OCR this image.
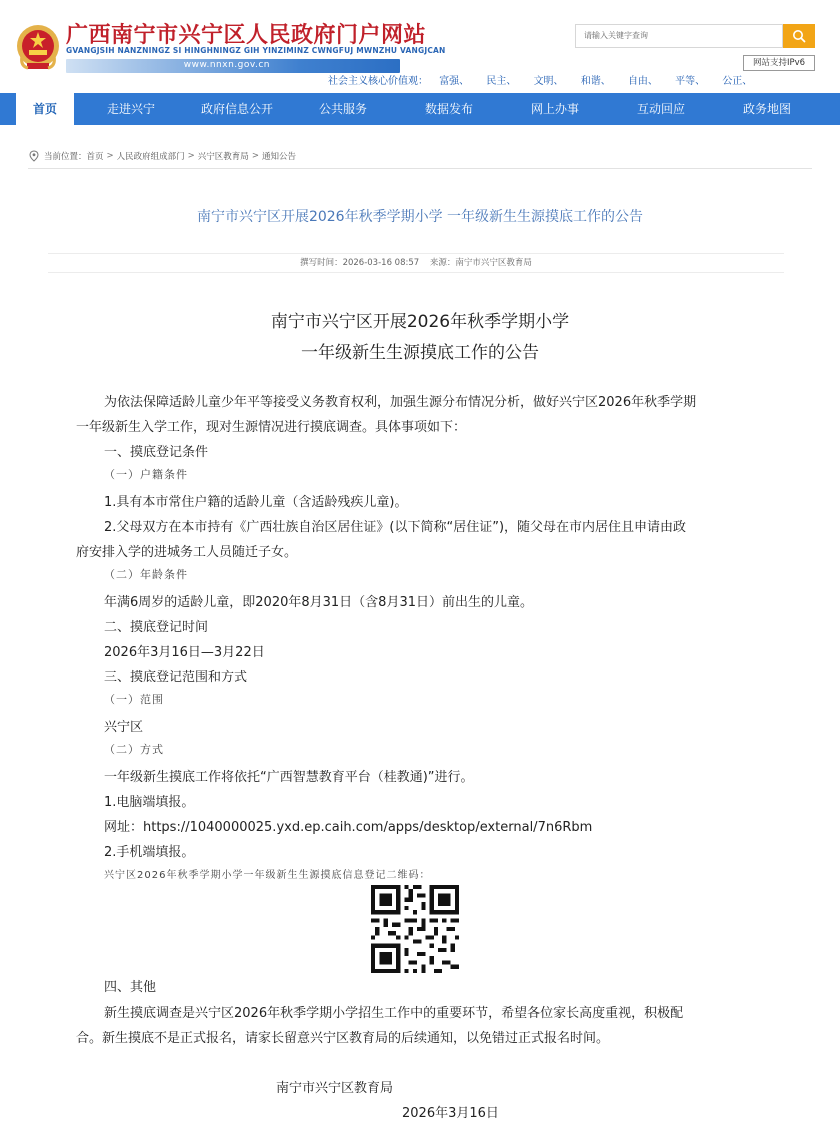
广西南宁市兴宁区人民政府门户网站
GVANGJSIH NANZNINGZ SI HINGHNINGZ GIH YINZIMINZ CWNGFUJ MWNZHU VANGJCAN
www.nnxn.gov.cn
请输入关键字查询
网站支持IPv6
社会主义核心价值观： 富强、 民主、 文明、 和谐、 自由、 平等、 公正、
首页	走进兴宁	政府信息公开	公共服务	数据发布	网上办事	互动回应	政务地图
当前位置： 首页 > 人民政府组成部门 > 兴宁区教育局 > 通知公告
南宁市兴宁区开展2026年秋季学期小学 一年级新生生源摸底工作的公告
撰写时间：2026-03-16 08:57 来源：南宁市兴宁区教育局
南宁市兴宁区开展2026年秋季学期小学
一年级新生生源摸底工作的公告
为依法保障适龄儿童少年平等接受义务教育权利，加强生源分布情况分析，做好兴宁区2026年秋季学期
一年级新生入学工作，现对生源情况进行摸底调查。具体事项如下：
一、摸底登记条件
（一）户籍条件
1.具有本市常住户籍的适龄儿童（含适龄残疾儿童)。
2.父母双方在本市持有《广西壮族自治区居住证》(以下简称“居住证”)，随父母在市内居住且申请由政
府安排入学的进城务工人员随迁子女。
（二）年龄条件
年满6周岁的适龄儿童，即2020年8月31日（含8月31日）前出生的儿童。
二、摸底登记时间
2026年3月16日—3月22日
三、摸底登记范围和方式
（一）范围
兴宁区
（二）方式
一年级新生摸底工作将依托“广西智慧教育平台（桂教通)”进行。
1.电脑端填报。
网址：https://1040000025.yxd.ep.caih.com/apps/desktop/external/7n6Rbm
2.手机端填报。
兴宁区2026年秋季学期小学一年级新生生源摸底信息登记二维码：
四、其他
新生摸底调查是兴宁区2026年秋季学期小学招生工作中的重要环节，希望各位家长高度重视，积极配
合。新生摸底不是正式报名，请家长留意兴宁区教育局的后续通知，以免错过正式报名时间。
南宁市兴宁区教育局
2026年3月16日
